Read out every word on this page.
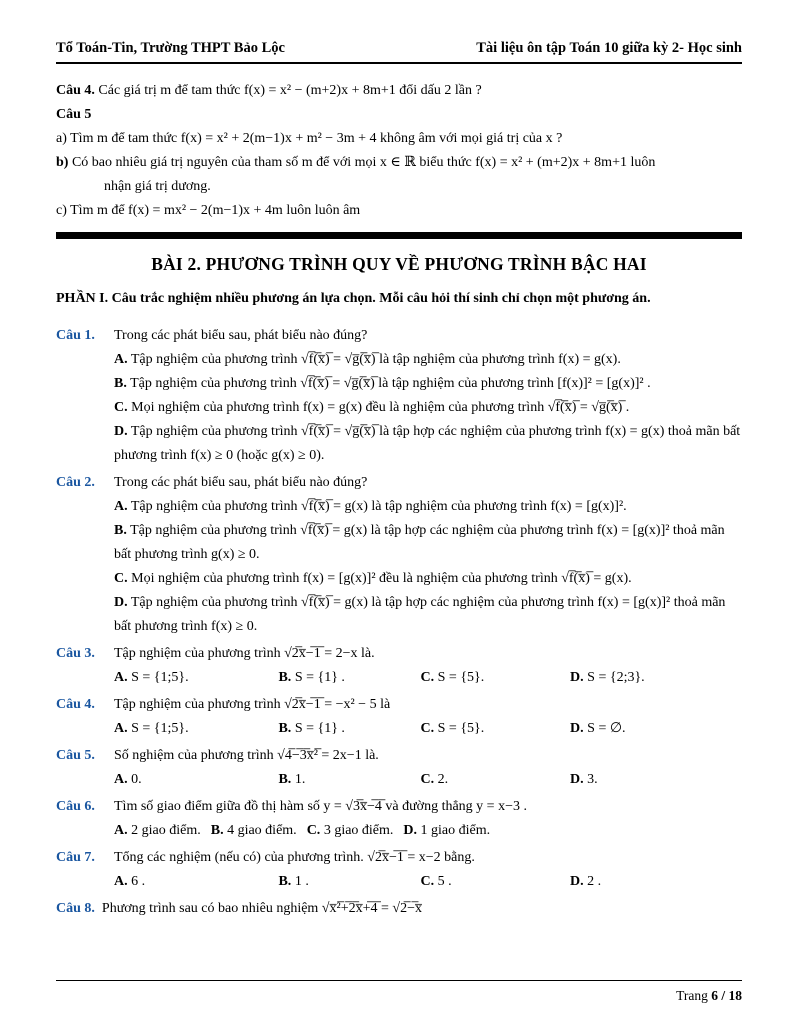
Tổ Toán-Tin, Trường THPT Bảo Lộc	Tài liệu ôn tập Toán 10 giữa kỳ 2- Học sinh

Câu 4. Các giá trị m để tam thức f(x) = x² − (m+2)x + 8m+1 đổi dấu 2 lần ?

Câu 5

a) Tìm m để tam thức f(x) = x² + 2(m−1)x + m² − 3m + 4 không âm với mọi giá trị của x ?

b) Có bao nhiêu giá trị nguyên của tham số m để với mọi x ∈ ℝ biểu thức f(x) = x² + (m+2)x + 8m+1 luôn

nhận giá trị dương.

c) Tìm m để f(x) = mx² − 2(m−1)x + 4m luôn luôn âm

BÀI 2. PHƯƠNG TRÌNH QUY VỀ PHƯƠNG TRÌNH BẬC HAI
PHẦN I. Câu trắc nghiệm nhiều phương án lựa chọn. Mỗi câu hỏi thí sinh chỉ chọn một phương án.
Câu 1.	Trong các phát biểu sau, phát biểu nào đúng?
A. Tập nghiệm của phương trình √f̅(̅x̅)̅ = √g̅(̅x̅)̅ là tập nghiệm của phương trình f(x) = g(x).
B. Tập nghiệm của phương trình √f̅(̅x̅)̅ = √g̅(̅x̅)̅ là tập nghiệm của phương trình [f(x)]² = [g(x)]² .
C. Mọi nghiệm của phương trình f(x) = g(x) đều là nghiệm của phương trình √f̅(̅x̅)̅ = √g̅(̅x̅)̅ .
D. Tập nghiệm của phương trình √f̅(̅x̅)̅ = √g̅(̅x̅)̅ là tập hợp các nghiệm của phương trình f(x) = g(x) thoả mãn bất phương trình f(x) ≥ 0 (hoặc g(x) ≥ 0).
Câu 2.	Trong các phát biểu sau, phát biểu nào đúng?
A. Tập nghiệm của phương trình √f̅(̅x̅)̅ = g(x) là tập nghiệm của phương trình f(x) = [g(x)]².
B. Tập nghiệm của phương trình √f̅(̅x̅)̅ = g(x) là tập hợp các nghiệm của phương trình f(x) = [g(x)]² thoả mãn bất phương trình g(x) ≥ 0.
C. Mọi nghiệm của phương trình f(x) = [g(x)]² đều là nghiệm của phương trình √f̅(̅x̅)̅ = g(x).
D. Tập nghiệm của phương trình √f̅(̅x̅)̅ = g(x) là tập hợp các nghiệm của phương trình f(x) = [g(x)]² thoả mãn bất phương trình f(x) ≥ 0.
Câu 3.	Tập nghiệm của phương trình √2̅x̅−̅1̅ = 2−x là.
A. S = {1;5}.	B. S = {1} .	C. S = {5}.	D. S = {2;3}.
Câu 4.	Tập nghiệm của phương trình √2̅x̅−̅1̅ = −x² − 5 là
A. S = {1;5}.	B. S = {1} .	C. S = {5}.	D. S = ∅.
Câu 5.	Số nghiệm của phương trình √4̅−̅3̅x̅²̅ = 2x−1 là.
A. 0.	B. 1.	C. 2.	D. 3.
Câu 6.	Tìm số giao điểm giữa đồ thị hàm số y = √3̅x̅−̅4̅ và đường thẳng y = x−3 .
A. 2 giao điểm. B. 4 giao điểm. C. 3 giao điểm. D. 1 giao điểm.
Câu 7.	Tổng các nghiệm (nếu có) của phương trình. √2̅x̅−̅1̅ = x−2 bằng.
A. 6 .	B. 1 .	C. 5 .	D. 2 .
Câu 8. Phương trình sau có bao nhiêu nghiệm √x̅²̅+̅2̅x̅+̅4̅ = √2̅−̅x̅
Trang 6 / 18
